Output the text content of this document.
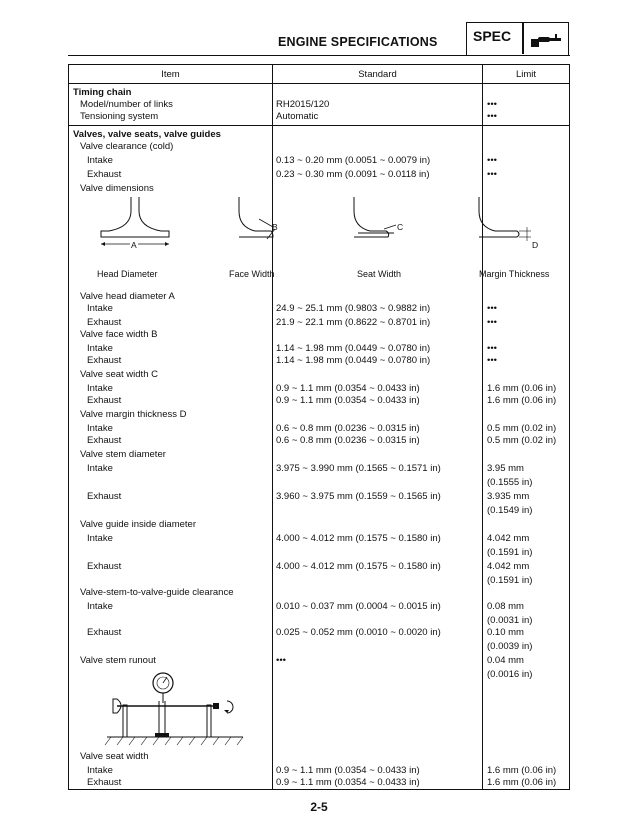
ENGINE SPECIFICATIONS	SPEC
Item	Standard	Limit
Timing chain
Model/number of links	RH2015/120	•••
Tensioning system	Automatic	•••
Valves, valve seats, valve guides
Valve clearance (cold)
Intake	0.13 ~ 0.20 mm (0.0051 ~ 0.0079 in)	•••
Exhaust	0.23 ~ 0.30 mm (0.0091 ~ 0.0118 in)	•••
Valve dimensions
A
B	C
D
Head Diameter	Face Width	Seat Width	Margin Thickness
Valve head diameter A
Intake	24.9 ~ 25.1 mm (0.9803 ~ 0.9882 in)	•••
Exhaust	21.9 ~ 22.1 mm (0.8622 ~ 0.8701 in)	•••
Valve face width B
Intake	1.14 ~ 1.98 mm (0.0449 ~ 0.0780 in)	•••
Exhaust	1.14 ~ 1.98 mm (0.0449 ~ 0.0780 in)	•••
Valve seat width C
Intake	0.9 ~ 1.1 mm (0.0354 ~ 0.0433 in)	1.6 mm (0.06 in)
Exhaust	0.9 ~ 1.1 mm (0.0354 ~ 0.0433 in)	1.6 mm (0.06 in)
Valve margin thickness D
Intake	0.6 ~ 0.8 mm (0.0236 ~ 0.0315 in)	0.5 mm (0.02 in)
Exhaust	0.6 ~ 0.8 mm (0.0236 ~ 0.0315 in)	0.5 mm (0.02 in)
Valve stem diameter
Intake	3.975 ~ 3.990 mm (0.1565 ~ 0.1571 in)	3.95 mm
(0.1555 in)
Exhaust	3.960 ~ 3.975 mm (0.1559 ~ 0.1565 in)	3.935 mm
(0.1549 in)
Valve guide inside diameter
Intake	4.000 ~ 4.012 mm (0.1575 ~ 0.1580 in)	4.042 mm
(0.1591 in)
Exhaust	4.000 ~ 4.012 mm (0.1575 ~ 0.1580 in)	4.042 mm
(0.1591 in)
Valve-stem-to-valve-guide clearance
Intake	0.010 ~ 0.037 mm (0.0004 ~ 0.0015 in)	0.08 mm
(0.0031 in)
Exhaust	0.025 ~ 0.052 mm (0.0010 ~ 0.0020 in)	0.10 mm
(0.0039 in)
Valve stem runout	•••	0.04 mm
(0.0016 in)
Valve seat width
Intake	0.9 ~ 1.1 mm (0.0354 ~ 0.0433 in)	1.6 mm (0.06 in)
Exhaust	0.9 ~ 1.1 mm (0.0354 ~ 0.0433 in)	1.6 mm (0.06 in)
2-5
